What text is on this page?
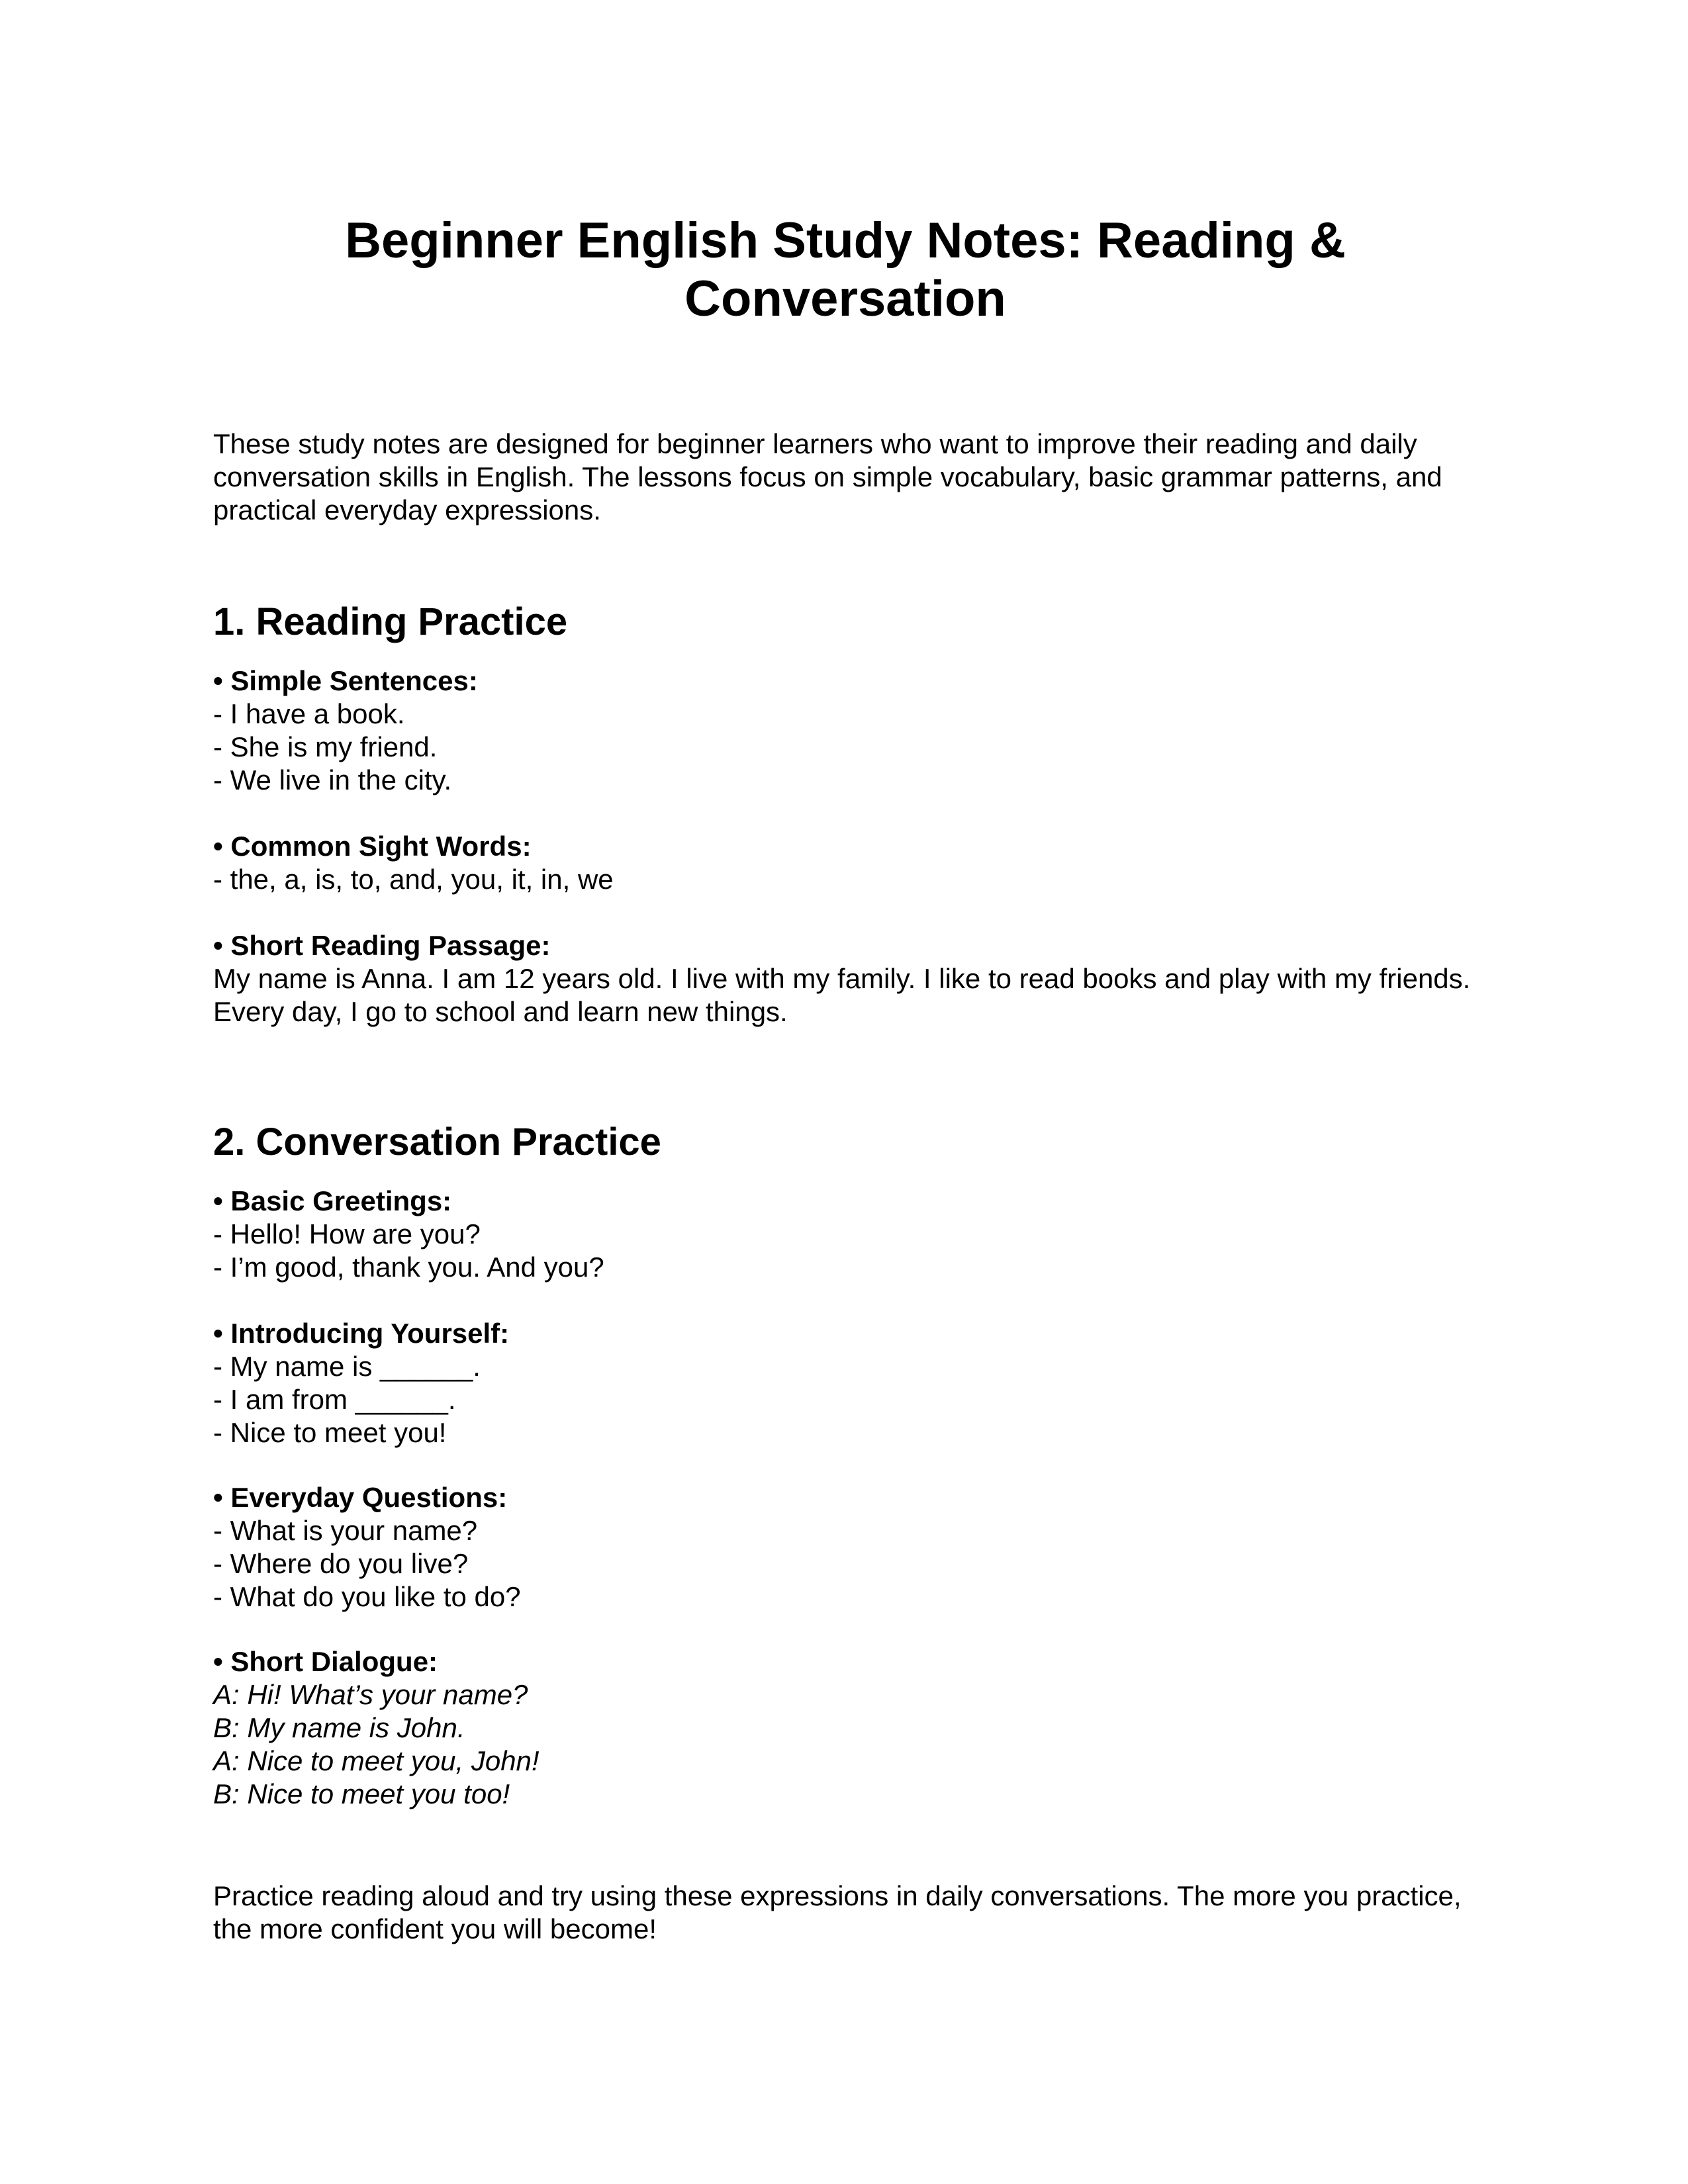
Beginner English Study Notes: Reading &
Conversation

These study notes are designed for beginner learners who want to improve their reading and daily conversation skills in English. The lessons focus on simple vocabulary, basic grammar patterns, and practical everyday expressions.

1. Reading Practice
• Simple Sentences:
- I have a book.
- She is my friend.
- We live in the city.
• Common Sight Words:
- the, a, is, to, and, you, it, in, we
• Short Reading Passage:
My name is Anna. I am 12 years old. I live with my family. I like to read books and play with my friends. Every day, I go to school and learn new things.
2. Conversation Practice
• Basic Greetings:
- Hello! How are you?
- I’m good, thank you. And you?
• Introducing Yourself:
- My name is ______.
- I am from ______.
- Nice to meet you!
• Everyday Questions:
- What is your name?
- Where do you live?
- What do you like to do?
• Short Dialogue:
A: Hi! What’s your name?
B: My name is John.
A: Nice to meet you, John!
B: Nice to meet you too!

Practice reading aloud and try using these expressions in daily conversations. The more you practice, the more confident you will become!
